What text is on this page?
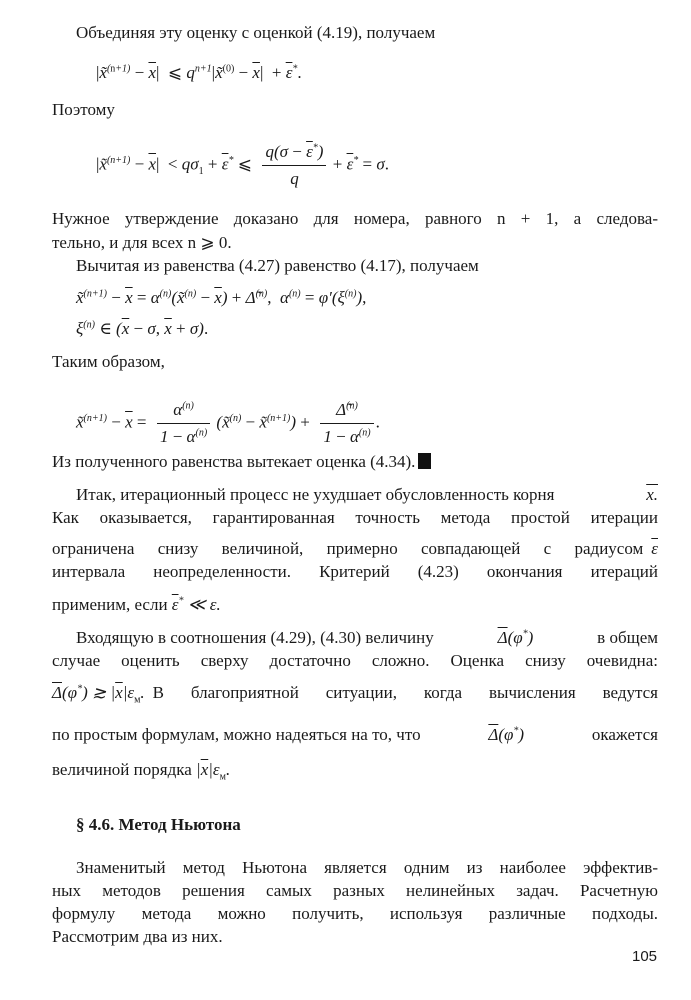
Объединяя эту оценку с оценкой (4.19), получаем
|x̃$^{(n+1)}$ − $\overline{x}|$  ⩽ $q^{n+1}|x̃^{(0)} - \overline{x}| + \overline{\varepsilon}^*$.
Поэтому
|x̃$^{(n+1)}$ − $\overline{x}| < q\sigma_1 + \overline{\varepsilon}^*$ ⩽ $\frac{q(\sigma - \overline{\varepsilon}^*)}{q} + \overline{\varepsilon}^* = \sigma$.
Нужное утверждение доказано для номера, равного n + 1, а следова-
тельно, и для всех n ⩾ 0.
Вычитая из равенства (4.27) равенство (4.17), получаем
x̃$^{(n+1)}$ − $\overline{x}$ = $\alpha^{(n)}(x̃^{(n)} - \overline{x})$ + Δ̃$^{(n)}$,  $\alpha^{(n)} = \varphi'(\xi^{(n)})$,
$\xi^{(n)}$ ∈ ($\overline{x} - \sigma$, $\overline{x} + \sigma$).
Таким образом,
x̃$^{(n+1)}$ − $\overline{x} = \frac{\alpha^{(n)}}{1 - \alpha^{(n)}}$ (x̃$^{(n)}$ − x̃$^{(n+1)}$) + $\frac{\Deltã^{(n)}}{1 - \alpha^{(n)}}$ .
Из полученного равенства вытекает оценка (4.34).
Итак, итерационный процесс не ухудшает обусловленность корня	x.
Как оказывается, гарантированная точность метода простой итерации
ограничена снизу величиной, примерно совпадающей с радиусом $\overline{\varepsilon}$
интервала неопределенности. Критерий (4.23) окончания итераций
применим, если $\overline{\varepsilon}^*$ ≪ ε.
Входящую в соотношения (4.29), (4.30) величину	$\overline{\Delta}(\varphi^*)$	в общем
случае оценить сверху достаточно сложно. Оценка снизу очевидна:
$\overline{\Delta}(\varphi^*)$ ≳ $|\overline{x}|\varepsilon_м$. В благоприятной ситуации, когда вычисления ведутся
по простым формулам, можно надеяться на то, что	$\overline{\Delta}(\varphi^*)$	окажется
величиной порядка $|\overline{x}|\varepsilon_м$.
§ 4.6. Метод Ньютона
Знаменитый метод Ньютона является одним из наиболее эффектив-
ных методов решения самых разных нелинейных задач. Расчетную
формулу метода можно получить, используя различные подходы.
Рассмотрим два из них.
105
